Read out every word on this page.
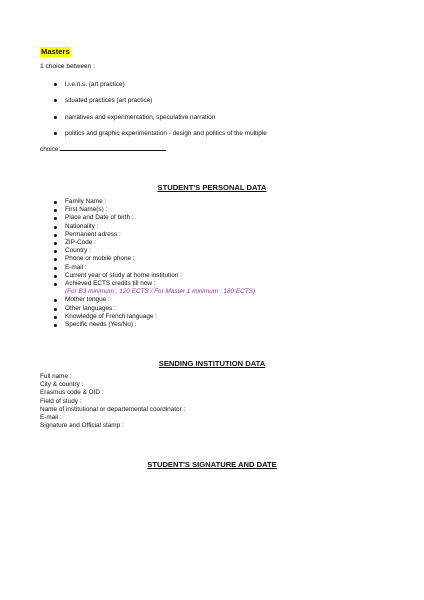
Masters
1 choice between :
l.i.e.n.s. (art practice)
situated practices (art practice)
narratives and experimentation, speculative narration
politics and graphic experimentation - design and politics of the multiple
choice:
STUDENT'S PERSONAL DATA
Family Name :
First Name(s) :
Place and Date of birth :
Nationality :
Permanent adress :
ZIP-Code :
Country :
Phone or mobile phone :
E-mail :
Current year of study at home institution :
Achieved ECTS credits till now :
(For B3 minimum : 120 ECTS / For Master 1 minimum : 180 ECTS)
Mother tongue :
Other languages :
Knowledge of French language :
Specific needs (Yes/No) :
SENDING INSTITUTION DATA
Full name :
City & country :
Erasmus code & OID :
Field of study :
Name of institutional or departemental coordinator :
E-mail :
Signature and Official stamp :
STUDENT'S SIGNATURE AND DATE
